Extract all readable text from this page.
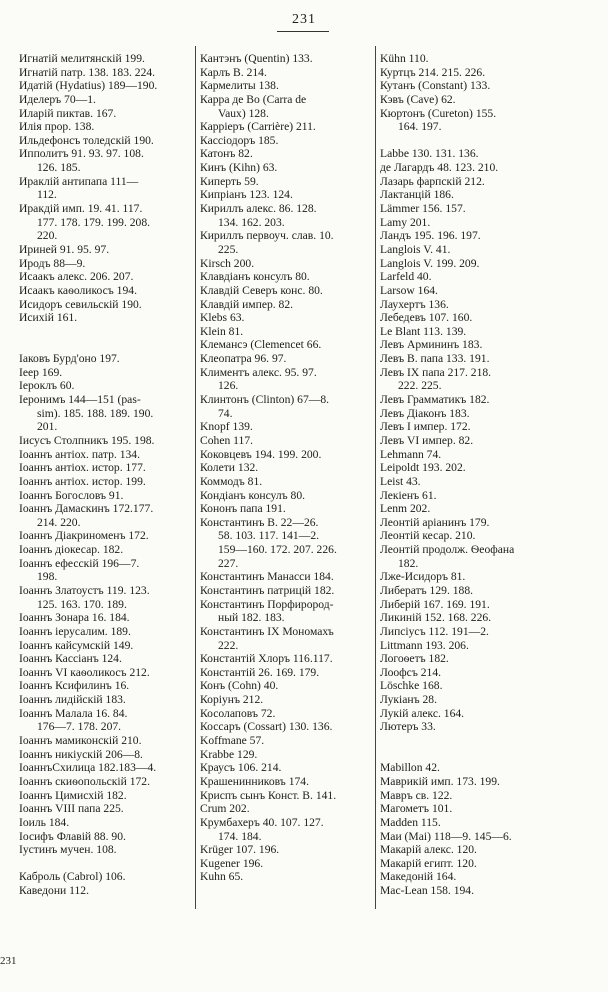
231
Игнатій мелитянскій 199.
Игнатій патр. 138. 183. 224.
Идатій (Hydatius) 189—190.
Иделеръ 70—1.
Иларій пиктав. 167.
Илія прор. 138.
Ильдефонсъ толедскій 190.
Ипполитъ 91. 93. 97. 108.
126. 185.
Ираклій антипапа 111—
112.
Иракдій имп. 19. 41. 117.
177. 178. 179. 199. 208.
220.
Ириней 91. 95. 97.
Иродъ 88—9.
Исаакъ алекс. 206. 207.
Исаакъ каѳоликосъ 194.
Исидоръ севильскій 190.
Исихій 161.
Іаковъ Бурд'оно 197.
Іеер 169.
Іероклъ 60.
Іеронимъ 144—151 (pas-
sim). 185. 188. 189. 190.
201.
Іисусъ Столпникъ 195. 198.
Іоаннъ антіох. патр. 134.
Іоаннъ антіох. истор. 177.
Іоаннъ антіох. истор. 199.
Іоаннъ Богословъ 91.
Іоаннъ Дамаскинъ 172.177.
214. 220.
Іоаннъ Діакриноменъ 172.
Іоаннъ діокесар. 182.
Іоаннъ ефесскій 196—7.
198.
Іоаннъ Златоустъ 119. 123.
125. 163. 170. 189.
Іоаннъ Зонара 16. 184.
Іоаннъ іерусалим. 189.
Іоаннъ кайсумскій 149.
Іоаннъ Кассіанъ 124.
Іоаннъ VI каѳоликосъ 212.
Іоаннъ Ксифилинъ 16.
Іоаннъ лидійскій 183.
Іоаннъ Малала 16. 84.
176—7. 178. 207.
Іоаннъ мамиконскій 210.
Іоаннъ никіускій 206—8.
ІоаннъСхилица 182.183—4.
Іоаннъ скиѳопольскій 172.
Іоаннъ Цимисхій 182.
Іоаннъ VIII папа 225.
Іоиль 184.
Іосифъ Флавій 88. 90.
Іустинъ мучен. 108.
Каброль (Cabrol) 106.
Каведони 112.
Кантэнъ (Quentin) 133.
Карлъ В. 214.
Кармелиты 138.
Карра де Во (Carra de
Vaux) 128.
Карріеръ (Carrière) 211.
Кассіодоръ 185.
Катонъ 82.
Кинъ (Kihn) 63.
Киперть 59.
Кипріанъ 123. 124.
Кириллъ алекс. 86. 128.
134. 162. 203.
Кириллъ первоуч. слав. 10.
225.
Kirsch 200.
Клавдіанъ консулъ 80.
Клавдій Северъ конс. 80.
Клавдій импер. 82.
Klebs 63.
Klein 81.
Клемансэ (Clemencet 66.
Клеопатра 96. 97.
Климентъ алекс. 95. 97.
126.
Клинтонъ (Clinton) 67—8.
74.
Knopf 139.
Cohen 117.
Коковцевъ 194. 199. 200.
Колети 132.
Коммодъ 81.
Кондіанъ консулъ 80.
Кононъ папа 191.
Константинъ В. 22—26.
58. 103. 117. 141—2.
159—160. 172. 207. 226.
227.
Константинъ Манасси 184.
Константинъ патрицій 182.
Константинъ Порфирород-
ный 182. 183.
Константинъ IX Мономахъ
222.
Константій Хлоръ 116.117.
Константій 26. 169. 179.
Конъ (Cohn) 40.
Коріунъ 212.
Косолаповъ 72.
Коссаръ (Cossart) 130. 136.
Koffmane 57.
Krabbe 129.
Краусъ 106. 214.
Крашенинниковъ 174.
Криспъ сынъ Конст. В. 141.
Crum 202.
Крумбахеръ 40. 107. 127.
174. 184.
Krüger 107. 196.
Kugener 196.
Kuhn 65.
Kühn 110.
Куртцъ 214. 215. 226.
Кутанъ (Constant) 133.
Кэвъ (Cave) 62.
Кюртонъ (Cureton) 155.
164. 197.
Labbe 130. 131. 136.
де Лагардъ 48. 123. 210.
Лазарь фарпскій 212.
Лактанцій 186.
Lämmer 156. 157.
Lamy 201.
Ландъ 195. 196. 197.
Langlois V. 41.
Langlois V. 199. 209.
Larfeld 40.
Larsow 164.
Лаухертъ 136.
Лебедевъ 107. 160.
Le Blant 113. 139.
Левъ Армининъ 183.
Левъ В. папа 133. 191.
Левъ IX папа 217. 218.
222. 225.
Левъ Грамматикъ 182.
Левъ Діаконъ 183.
Левъ I импер. 172.
Левъ VI импер. 82.
Lehmann 74.
Leipoldt 193. 202.
Leist 43.
Лекіенъ 61.
Lenm 202.
Леонтій аріанинъ 179.
Леонтій кесар. 210.
Леонтій продолж. Ѳеофана
182.
Лже-Исидоръ 81.
Либератъ 129. 188.
Либерій 167. 169. 191.
Ликиній 152. 168. 226.
Липсіусъ 112. 191—2.
Littmann 193. 206.
Логоѳетъ 182.
Лоофсъ 214.
Löschke 168.
Лукіанъ 28.
Лукій алекс. 164.
Лютеръ 33.
Mabillon 42.
Маврикій имп. 173. 199.
Мавръ св. 122.
Магометъ 101.
Madden 115.
Маи (Mai) 118—9. 145—6.
Макарій алекс. 120.
Макарій египт. 120.
Македоній 164.
Mac-Lean 158. 194.
231
